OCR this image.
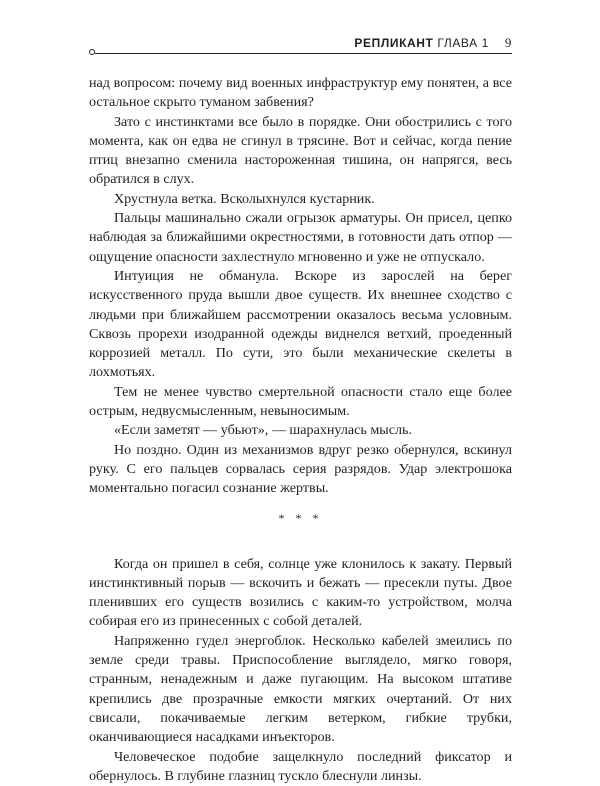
РЕПЛИКАНТ ГЛАВА 1 9

над вопросом: почему вид военных инфраструктур ему понятен, а все остальное скрыто туманом забвения?

Зато с инстинктами все было в порядке. Они обострились с того момента, как он едва не сгинул в трясине. Вот и сейчас, когда пение птиц внезапно сменила настороженная тишина, он напрягся, весь обратился в слух.

Хрустнула ветка. Всколыхнулся кустарник.

Пальцы машинально сжали огрызок арматуры. Он присел, цепко наблюдая за ближайшими окрестностями, в готовности дать отпор — ощущение опасности захлестнуло мгновенно и уже не отпускало.

Интуиция не обманула. Вскоре из зарослей на берег искусственного пруда вышли двое существ. Их внешнее сходство с людьми при ближайшем рассмотрении оказалось весьма условным. Сквозь прорехи изодранной одежды виднелся ветхий, проеденный коррозией металл. По сути, это были механические скелеты в лохмотьях.

Тем не менее чувство смертельной опасности стало еще более острым, недвусмысленным, невыносимым.

«Если заметят — убьют», — шарахнулась мысль.

Но поздно. Один из механизмов вдруг резко обернулся, вскинул руку. С его пальцев сорвалась серия разрядов. Удар электрошока моментально погасил сознание жертвы.

* * *

Когда он пришел в себя, солнце уже клонилось к закату. Первый инстинктивный порыв — вскочить и бежать — пресекли путы. Двое пленивших его существ возились с каким-то устройством, молча собирая его из принесенных с собой деталей.

Напряженно гудел энергоблок. Несколько кабелей змеились по земле среди травы. Приспособление выглядело, мягко говоря, странным, ненадежным и даже пугающим. На высоком штативе крепились две прозрачные емкости мягких очертаний. От них свисали, покачиваемые легким ветерком, гибкие трубки, оканчивающиеся насадками инъекторов.

Человеческое подобие защелкнуло последний фиксатор и обернулось. В глубине глазниц тускло блеснули линзы.
